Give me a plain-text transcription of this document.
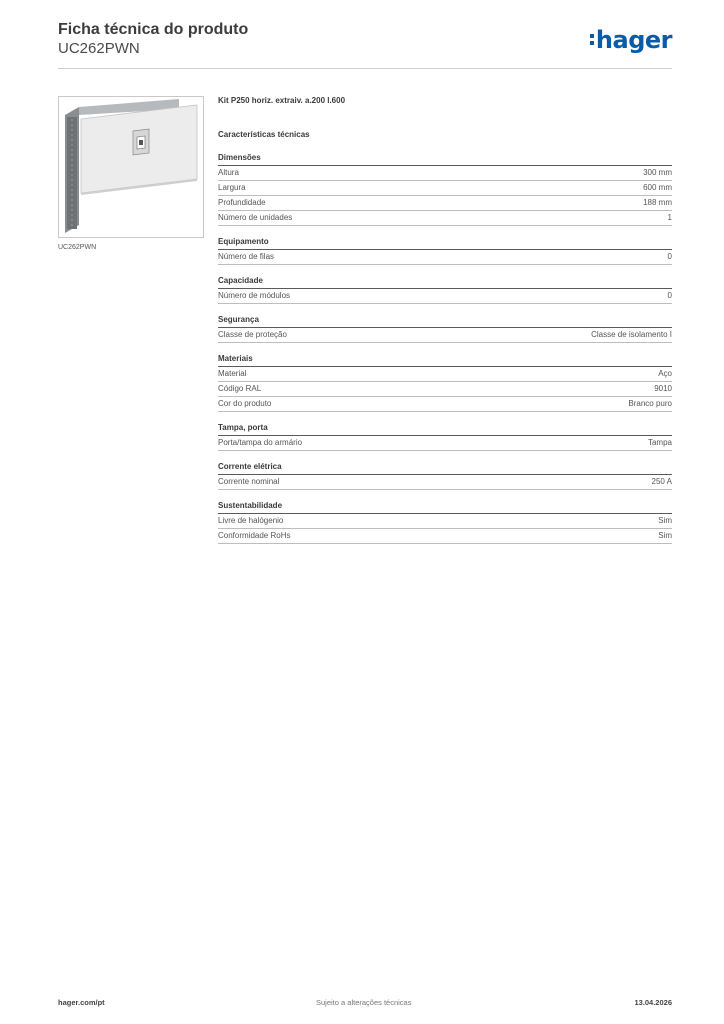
Ficha técnica do produto
UC262PWN	hager
UC262PWN
Kit P250 horiz. extraiv. a.200 l.600
Características técnicas
Dimensões
Altura	300 mm
Largura	600 mm
Profundidade	188 mm
Número de unidades	1
Equipamento
Número de filas	0
Capacidade
Número de módulos	0
Segurança
Classe de proteção	Classe de isolamento I
Materiais
Material	Aço
Código RAL	9010
Cor do produto	Branco puro
Tampa, porta
Porta/tampa do armário	Tampa
Corrente elétrica
Corrente nominal	250 A
Sustentabilidade
Livre de halógenio	Sim
Conformidade RoHs	Sim
hager.com/pt	Sujeito a alterações técnicas	13.04.2026
